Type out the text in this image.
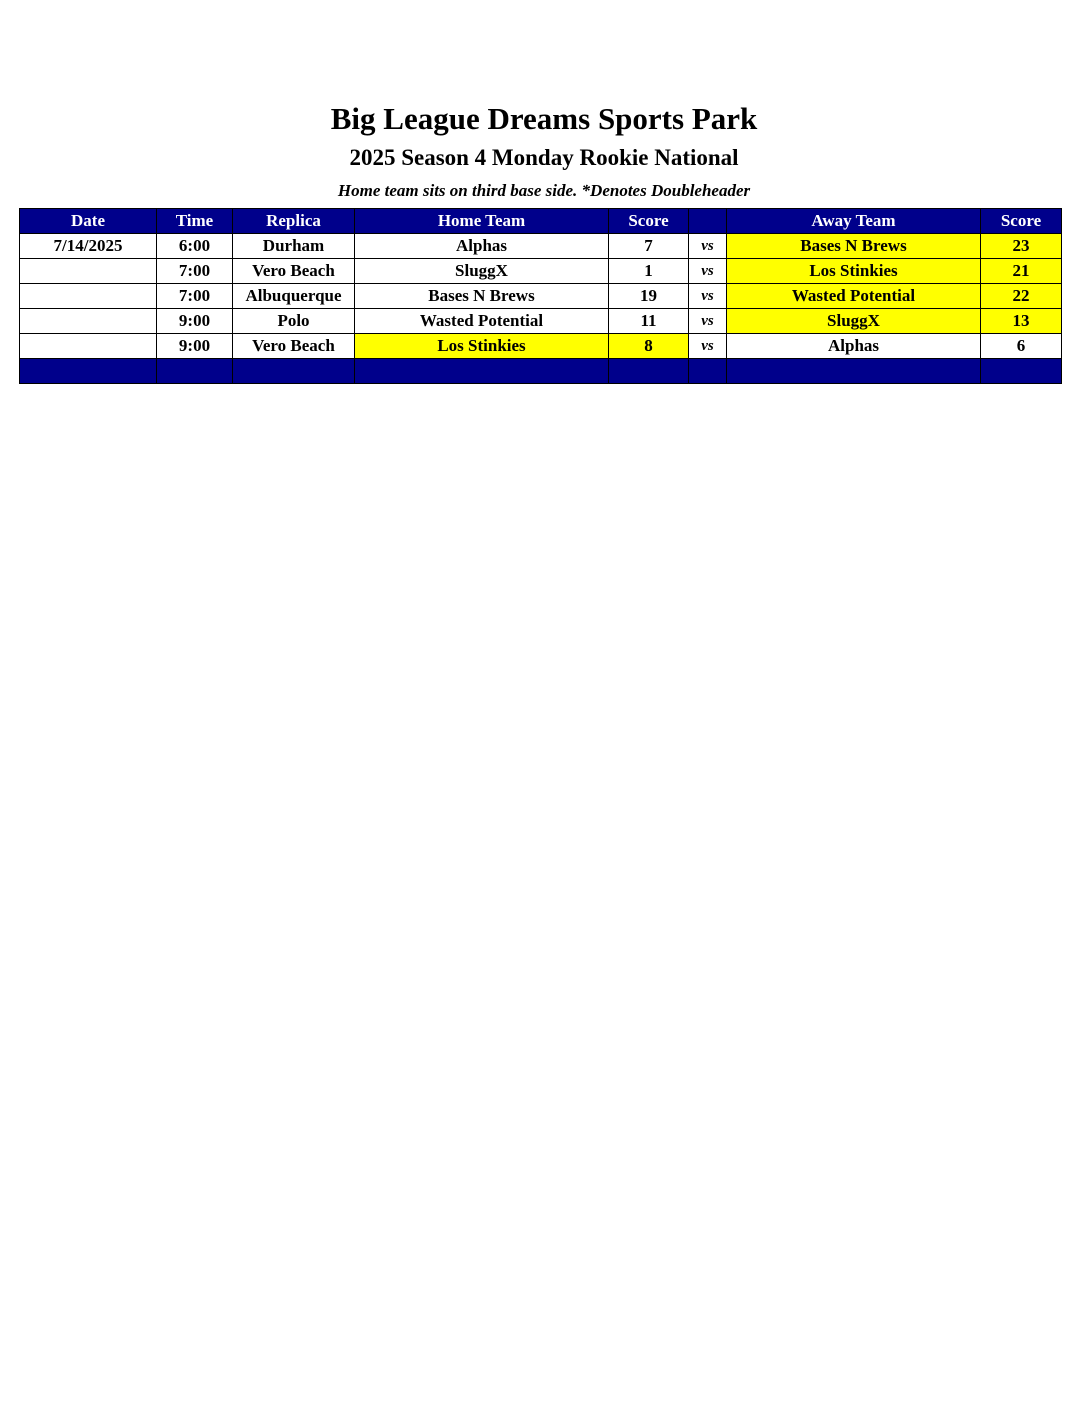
Big League Dreams Sports Park
2025 Season 4 Monday Rookie National
Home team sits on third base side. *Denotes Doubleheader
Date	Time	Replica	Home Team	Score		Away Team	Score
7/14/2025	6:00	Durham	Alphas	7	vs	Bases N Brews	23
	7:00	Vero Beach	SluggX	1	vs	Los Stinkies	21
	7:00	Albuquerque	Bases N Brews	19	vs	Wasted Potential	22
	9:00	Polo	Wasted Potential	11	vs	SluggX	13
	9:00	Vero Beach	Los Stinkies	8	vs	Alphas	6
